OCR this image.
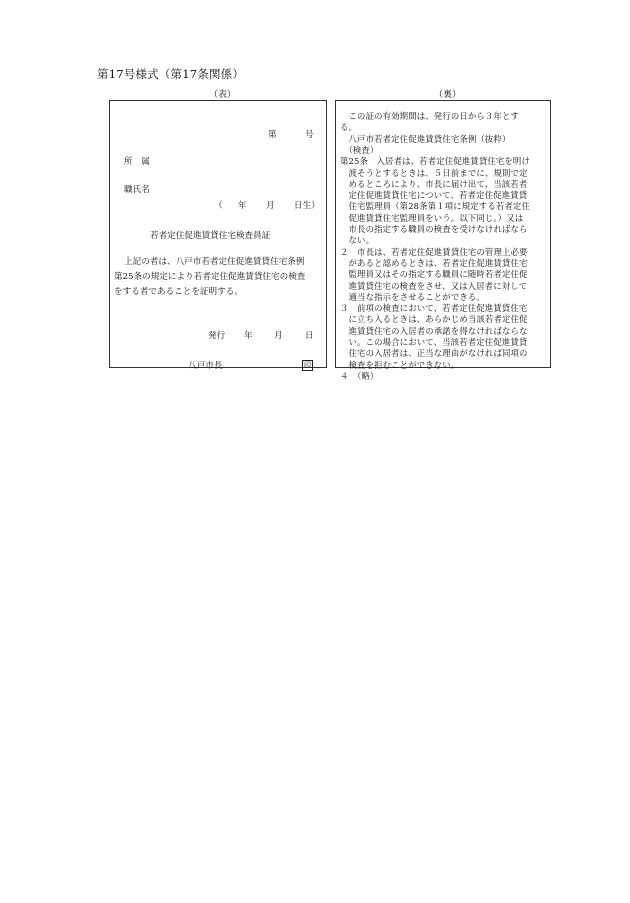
第17号様式（第17条関係）
（表）	（裏）
第	号
所　属
職氏名
（ 年 月 日生）
若者定住促進賃貸住宅検査員証
上記の者は、八戸市若者定住促進賃貸住宅条例
第25条の規定により若者定住促進賃貸住宅の検査
をする者であることを証明する。
発行 年 月	日
八戸市長	印
　この証の有効期間は、発行の日から３年とす
る。
　八戸市若者定住促進賃貸住宅条例（抜粋）
　（検査）
第25条　入居者は、若者定住促進賃貸住宅を明け
　渡そうとするときは、５日前までに、規則で定
　めるところにより、市長に届け出て、当該若者
　定住促進賃貸住宅について、若者定住促進賃貸
　住宅監理員（第28条第１項に規定する若者定住
　促進賃貸住宅監理員をいう。以下同じ。）又は
　市長の指定する職員の検査を受けなければなら
　ない。
２　市長は、若者定住促進賃貸住宅の管理上必要
　があると認めるときは、若者定住促進賃貸住宅
　監理員又はその指定する職員に随時若者定住促
　進賃貸住宅の検査をさせ、又は入居者に対して
　適当な指示をさせることができる。
３　前項の検査において、若者定住促進賃貸住宅
　に立ち入るときは、あらかじめ当該若者定住促
　進賃貸住宅の入居者の承諾を得なければならな
　い。この場合において、当該若者定住促進賃貸
　住宅の入居者は、正当な理由がなければ同項の
　検査を拒むことができない。
４　（略）
